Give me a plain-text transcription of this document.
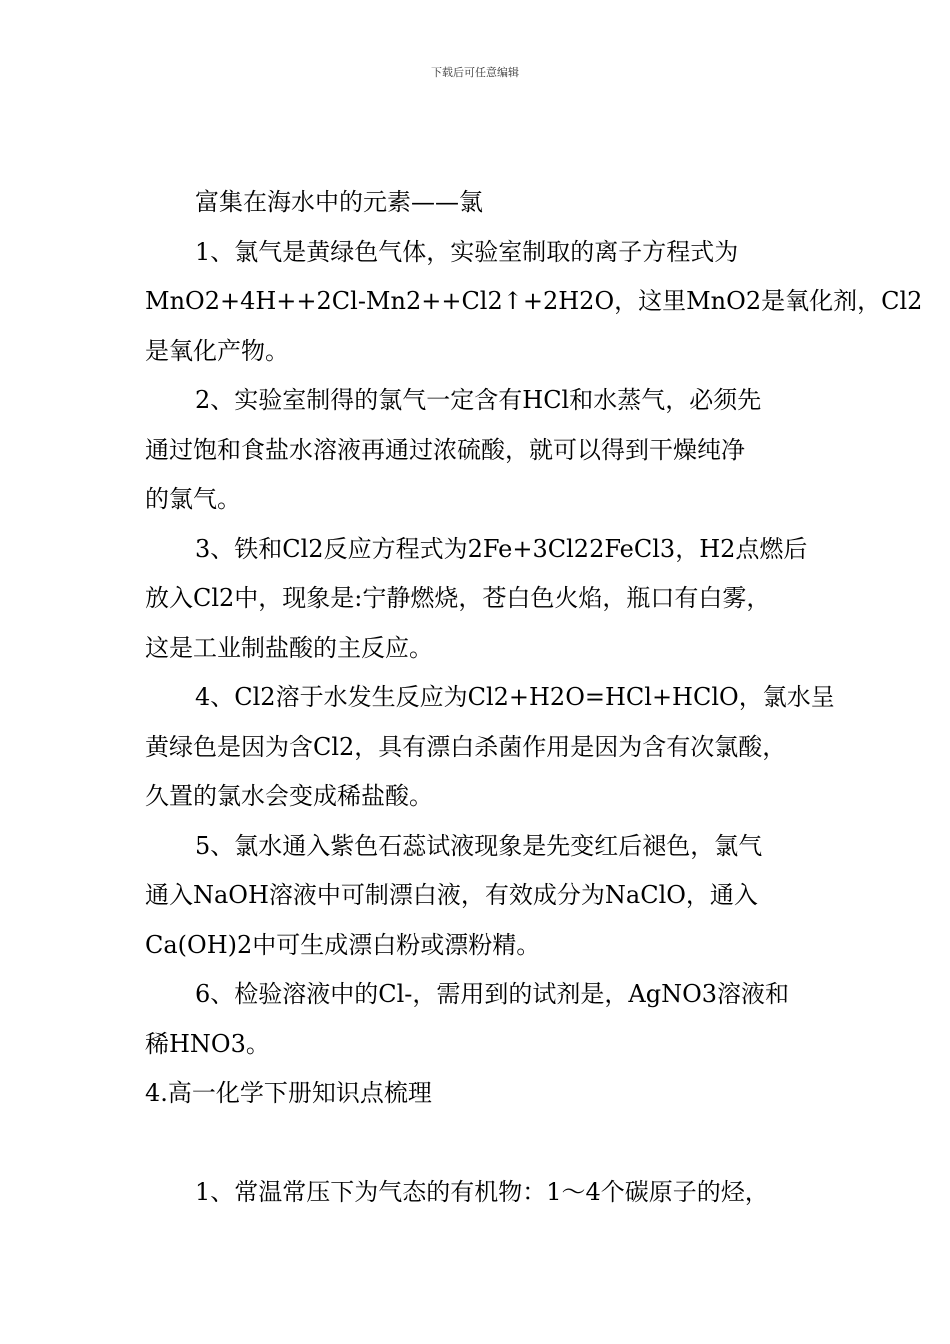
下载后可任意编辑

富集在海水中的元素——氯

1、氯气是黄绿色气体，实验室制取的离子方程式为

MnO2+4H++2Cl-Mn2++Cl2↑+2H2O，这里MnO2是氧化剂，Cl2

是氧化产物。

2、实验室制得的氯气一定含有HCl和水蒸气，必须先

通过饱和食盐水溶液再通过浓硫酸，就可以得到干燥纯净

的氯气。

3、铁和Cl2反应方程式为2Fe+3Cl22FeCl3，H2点燃后

放入Cl2中，现象是:宁静燃烧，苍白色火焰，瓶口有白雾，

这是工业制盐酸的主反应。

4、Cl2溶于水发生反应为Cl2+H2O=HCl+HClO，氯水呈

黄绿色是因为含Cl2，具有漂白杀菌作用是因为含有次氯酸，

久置的氯水会变成稀盐酸。

5、氯水通入紫色石蕊试液现象是先变红后褪色，氯气

通入NaOH溶液中可制漂白液，有效成分为NaClO，通入

Ca(OH)2中可生成漂白粉或漂粉精。

6、检验溶液中的Cl-，需用到的试剂是，AgNO3溶液和

稀HNO3。

4.高一化学下册知识点梳理

1、常温常压下为气态的有机物：1～4个碳原子的烃，
